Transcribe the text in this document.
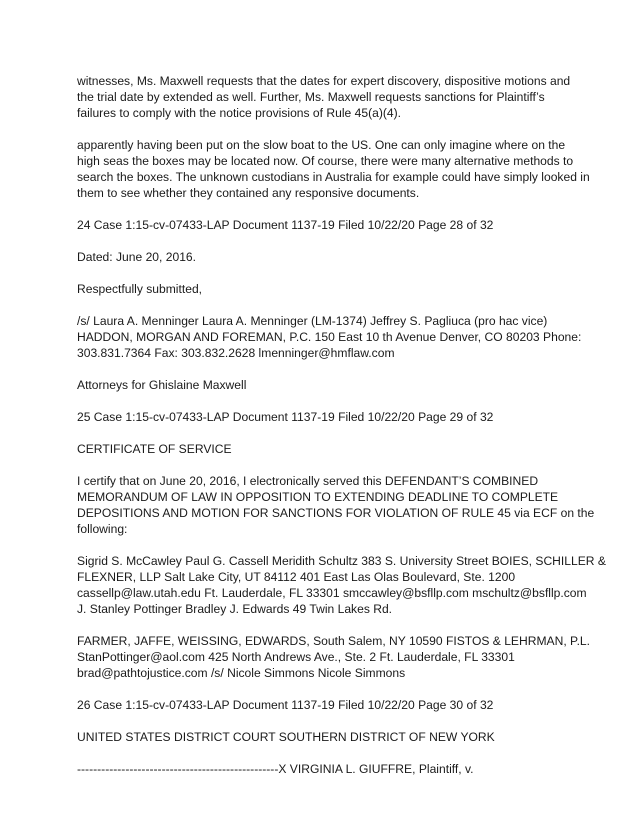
witnesses, Ms. Maxwell requests that the dates for expert discovery, dispositive motions and
the trial date by extended as well. Further, Ms. Maxwell requests sanctions for Plaintiff’s
failures to comply with the notice provisions of Rule 45(a)(4).
apparently having been put on the slow boat to the US. One can only imagine where on the
high seas the boxes may be located now. Of course, there were many alternative methods to
search the boxes. The unknown custodians in Australia for example could have simply looked in
them to see whether they contained any responsive documents.
24 Case 1:15-cv-07433-LAP Document 1137-19 Filed 10/22/20 Page 28 of 32
Dated: June 20, 2016.
Respectfully submitted,
/s/ Laura A. Menninger Laura A. Menninger (LM-1374) Jeffrey S. Pagliuca (pro hac vice)
HADDON, MORGAN AND FOREMAN, P.C. 150 East 10 th Avenue Denver, CO 80203 Phone:
303.831.7364 Fax: 303.832.2628 lmenninger@hmflaw.com
Attorneys for Ghislaine Maxwell
25 Case 1:15-cv-07433-LAP Document 1137-19 Filed 10/22/20 Page 29 of 32
CERTIFICATE OF SERVICE
I certify that on June 20, 2016, I electronically served this DEFENDANT’S COMBINED
MEMORANDUM OF LAW IN OPPOSITION TO EXTENDING DEADLINE TO COMPLETE
DEPOSITIONS AND MOTION FOR SANCTIONS FOR VIOLATION OF RULE 45 via ECF on the
following:
Sigrid S. McCawley Paul G. Cassell Meridith Schultz 383 S. University Street BOIES, SCHILLER &
FLEXNER, LLP Salt Lake City, UT 84112 401 East Las Olas Boulevard, Ste. 1200
cassellp@law.utah.edu Ft. Lauderdale, FL 33301 smccawley@bsfllp.com mschultz@bsfllp.com
J. Stanley Pottinger Bradley J. Edwards 49 Twin Lakes Rd.
FARMER, JAFFE, WEISSING, EDWARDS, South Salem, NY 10590 FISTOS & LEHRMAN, P.L.
StanPottinger@aol.com 425 North Andrews Ave., Ste. 2 Ft. Lauderdale, FL 33301
brad@pathtojustice.com /s/ Nicole Simmons Nicole Simmons
26 Case 1:15-cv-07433-LAP Document 1137-19 Filed 10/22/20 Page 30 of 32
UNITED STATES DISTRICT COURT SOUTHERN DISTRICT OF NEW YORK
--------------------------------------------------X VIRGINIA L. GIUFFRE, Plaintiff, v.
